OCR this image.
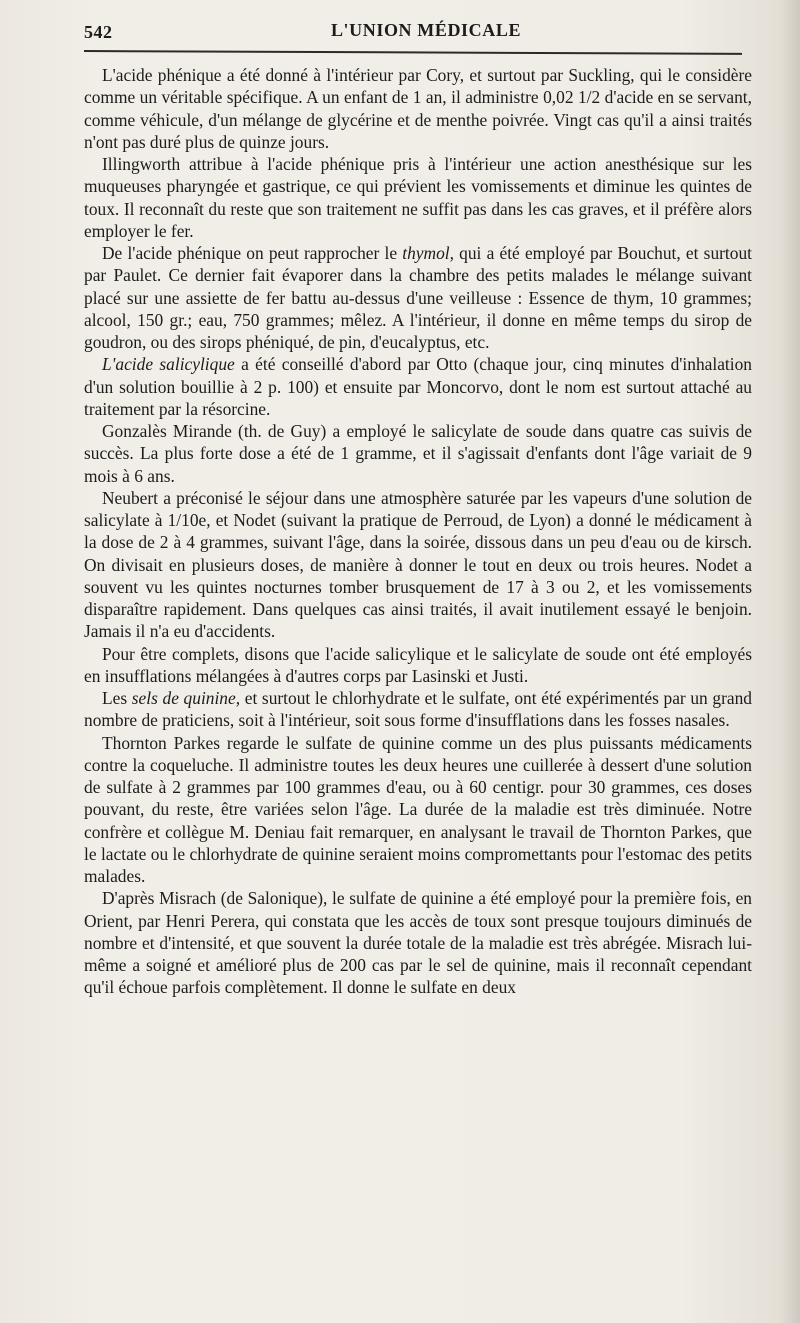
542	L'UNION MÉDICALE

L'acide phénique a été donné à l'intérieur par Cory, et surtout par Suckling, qui le considère comme un véritable spécifique. A un enfant de 1 an, il administre 0,02 1/2 d'acide en se servant, comme véhicule, d'un mélange de glycérine et de menthe poivrée. Vingt cas qu'il a ainsi traités n'ont pas duré plus de quinze jours.

Illingworth attribue à l'acide phénique pris à l'intérieur une action anesthésique sur les muqueuses pharyngée et gastrique, ce qui prévient les vomissements et diminue les quintes de toux. Il reconnaît du reste que son traitement ne suffit pas dans les cas graves, et il préfère alors employer le fer.

De l'acide phénique on peut rapprocher le thymol, qui a été employé par Bouchut, et surtout par Paulet. Ce dernier fait évaporer dans la chambre des petits malades le mélange suivant placé sur une assiette de fer battu au-dessus d'une veilleuse : Essence de thym, 10 grammes; alcool, 150 gr.; eau, 750 grammes; mêlez. A l'intérieur, il donne en même temps du sirop de goudron, ou des sirops phéniqué, de pin, d'eucalyptus, etc.

L'acide salicylique a été conseillé d'abord par Otto (chaque jour, cinq minutes d'inhalation d'un solution bouillie à 2 p. 100) et ensuite par Moncorvo, dont le nom est surtout attaché au traitement par la résorcine.

Gonzalès Mirande (th. de Guy) a employé le salicylate de soude dans quatre cas suivis de succès. La plus forte dose a été de 1 gramme, et il s'agissait d'enfants dont l'âge variait de 9 mois à 6 ans.

Neubert a préconisé le séjour dans une atmosphère saturée par les vapeurs d'une solution de salicylate à 1/10e, et Nodet (suivant la pratique de Perroud, de Lyon) a donné le médicament à la dose de 2 à 4 grammes, suivant l'âge, dans la soirée, dissous dans un peu d'eau ou de kirsch. On divisait en plusieurs doses, de manière à donner le tout en deux ou trois heures. Nodet a souvent vu les quintes nocturnes tomber brusquement de 17 à 3 ou 2, et les vomissements disparaître rapidement. Dans quelques cas ainsi traités, il avait inutilement essayé le benjoin. Jamais il n'a eu d'accidents.

Pour être complets, disons que l'acide salicylique et le salicylate de soude ont été employés en insufflations mélangées à d'autres corps par Lasinski et Justi.

Les sels de quinine, et surtout le chlorhydrate et le sulfate, ont été expérimentés par un grand nombre de praticiens, soit à l'intérieur, soit sous forme d'insufflations dans les fosses nasales.

Thornton Parkes regarde le sulfate de quinine comme un des plus puissants médicaments contre la coqueluche. Il administre toutes les deux heures une cuillerée à dessert d'une solution de sulfate à 2 grammes par 100 grammes d'eau, ou à 60 centigr. pour 30 grammes, ces doses pouvant, du reste, être variées selon l'âge. La durée de la maladie est très diminuée. Notre confrère et collègue M. Deniau fait remarquer, en analysant le travail de Thornton Parkes, que le lactate ou le chlorhydrate de quinine seraient moins compromettants pour l'estomac des petits malades.

D'après Misrach (de Salonique), le sulfate de quinine a été employé pour la première fois, en Orient, par Henri Perera, qui constata que les accès de toux sont presque toujours diminués de nombre et d'intensité, et que souvent la durée totale de la maladie est très abrégée. Misrach lui-même a soigné et amélioré plus de 200 cas par le sel de quinine, mais il reconnaît cependant qu'il échoue parfois complètement. Il donne le sulfate en deux
